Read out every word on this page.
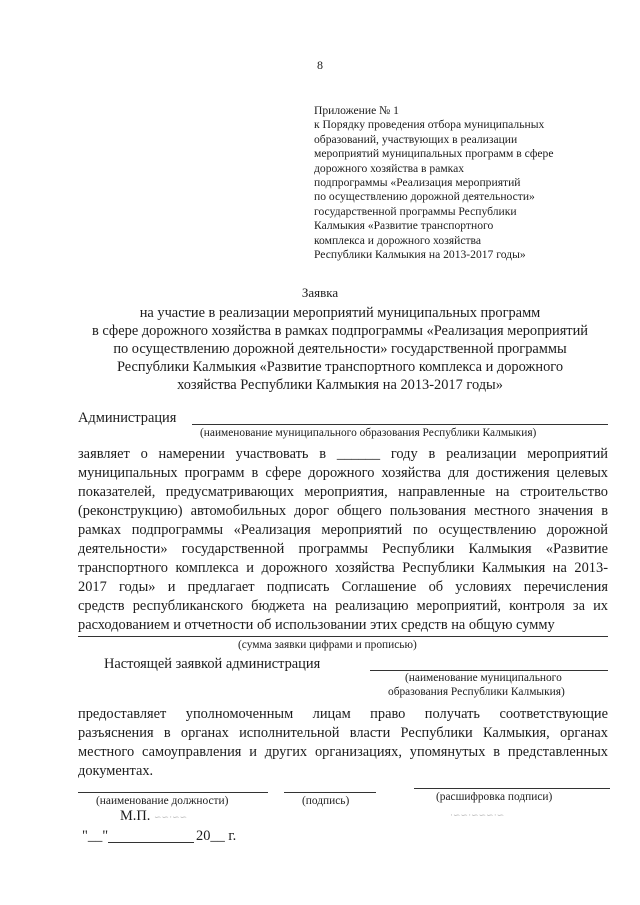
8
Приложение № 1
к Порядку проведения отбора муниципальных
образований, участвующих в реализации
мероприятий муниципальных программ в сфере
дорожного хозяйства в рамках
подпрограммы «Реализация мероприятий
по осуществлению дорожной деятельности»
государственной программы Республики
Калмыкия «Развитие транспортного
комплекса и дорожного хозяйства
Республики Калмыкия на 2013-2017 годы»
Заявка
на участие в реализации мероприятий муниципальных программ
в сфере дорожного хозяйства в рамках подпрограммы «Реализация мероприятий
по осуществлению дорожной деятельности» государственной программы
Республики Калмыкия «Развитие транспортного комплекса и дорожного
хозяйства Республики Калмыкия на 2013-2017 годы»
Администрация
(наименование муниципального образования Республики Калмыкия)
заявляет о намерении участвовать в ______ году в реализации мероприятий
муниципальных программ в сфере дорожного хозяйства для достижения целевых
показателей, предусматривающих мероприятия, направленные на строительство
(реконструкцию) автомобильных дорог общего пользования местного значения в
рамках подпрограммы «Реализация мероприятий по осуществлению дорожной
деятельности» государственной программы Республики Калмыкия «Развитие
транспортного комплекса и дорожного хозяйства Республики Калмыкия на 2013-
2017 годы» и предлагает подписать Соглашение об условиях перечисления
средств республиканского бюджета на реализацию мероприятий, контроля за их
расходованием и отчетности об использовании этих средств на общую сумму
(сумма заявки цифрами и прописью)
Настоящей заявкой администрация
(наименование муниципального
образования Республики Калмыкия)
предоставляет уполномоченным лицам право получать соответствующие
разъяснения в органах исполнительной власти Республики Калмыкия, органах
местного самоуправления и других организациях, упомянутых в представленных
документах.
(наименование должности)	(подпись)	(расшифровка подписи)
М.П. ∽∽·∽∽	·∽∽·∽∽∽·∽
"__"	20__ г.
